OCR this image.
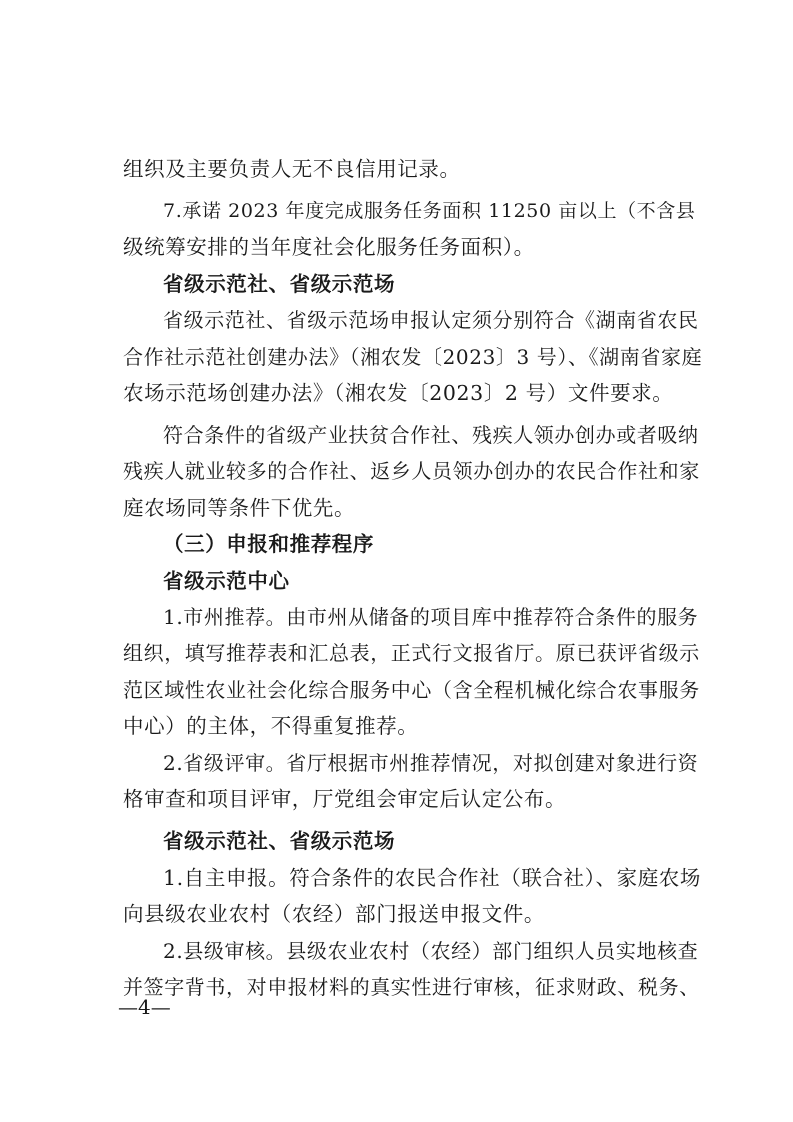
组织及主要负责人无不良信用记录。
7.承诺 2023 年度完成服务任务面积 11250 亩以上（不含县
级统筹安排的当年度社会化服务任务面积）。
省级示范社、省级示范场
省级示范社、省级示范场申报认定须分别符合《湖南省农民
合作社示范社创建办法》（湘农发〔2023〕3 号）、《湖南省家庭
农场示范场创建办法》（湘农发〔2023〕2 号）文件要求。
符合条件的省级产业扶贫合作社、残疾人领办创办或者吸纳
残疾人就业较多的合作社、返乡人员领办创办的农民合作社和家
庭农场同等条件下优先。
（三）申报和推荐程序
省级示范中心
1.市州推荐。由市州从储备的项目库中推荐符合条件的服务
组织，填写推荐表和汇总表，正式行文报省厅。原已获评省级示
范区域性农业社会化综合服务中心（含全程机械化综合农事服务
中心）的主体，不得重复推荐。
2.省级评审。省厅根据市州推荐情况，对拟创建对象进行资
格审查和项目评审，厅党组会审定后认定公布。
省级示范社、省级示范场
1.自主申报。符合条件的农民合作社（联合社）、家庭农场
向县级农业农村（农经）部门报送申报文件。
2.县级审核。县级农业农村（农经）部门组织人员实地核查
并签字背书，对申报材料的真实性进行审核，征求财政、税务、
—4—
